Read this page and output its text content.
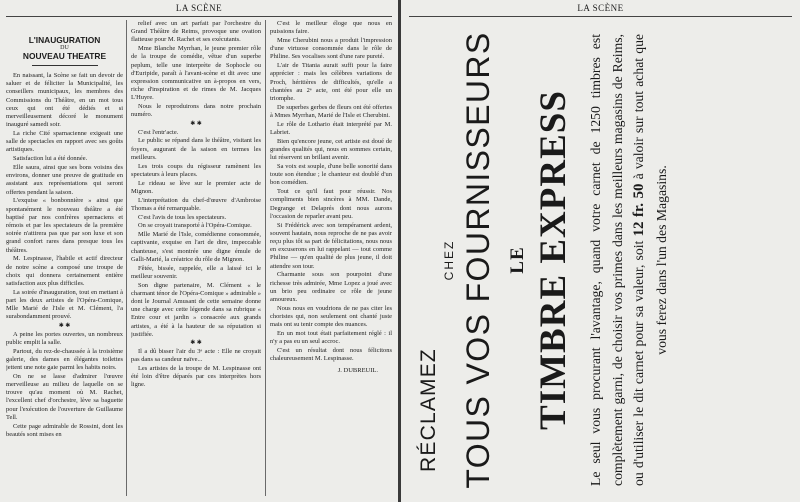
LA SCÈNE
L'INAUGURATION
DU
NOUVEAU THEATRE

En naissant, la Scène se fait un devoir de saluer et de féliciter la Municipalité, les conseillers municipaux, les membres des Commissions du Théâtre, en un mot tous ceux qui ont été dédiés et si merveilleusement décoré le monument inauguré samedi soir.

La riche Cité sparnacienne exigeait une salle de spectacles en rapport avec ses goûts artistiques.

Satisfaction lui a été donnée.

Elle saura, ainsi que ses bons voisins des environs, donner une preuve de gratitude en assistant aux représentations qui seront offertes pendant la saison.

L'exquise « bonbonnière » ainsi que spontanément le nouveau théâtre a été baptisé par nos confrères spernaciens et rémois et par les spectateurs de la première soirée n'attirera pas que par son luxe et son grand confort rares dans presque tous les théâtres.

M. Lespinasse, l'habile et actif directeur de notre scène a composé une troupe de choix qui donnera certainement entière satisfaction aux plus difficiles.

La soirée d'inauguration, tout en mettant à part les deux artistes de l'Opéra-Comique, Mlle Marié de l'Isle et M. Clément, l'a surabondamment prouvé.

✱ ✱

A peine les portes ouvertes, un nombreux public emplit la salle.

Partout, du rez-de-chaussée à la troisième galerie, des dames en élégantes toilettes jettent une note gaie parmi les habits noirs.

On ne se lasse d'admirer l'œuvre merveilleuse au milieu de laquelle on se trouve qu'au moment où M. Rachet, l'excellent chef d'orchestre, lève sa baguette pour l'exécution de l'ouverture de Guillaume Tell.

Cette page admirable de Rossini, dont les beautés sont mises en

relief avec un art parfait par l'orchestre du Grand Théâtre de Reims, provoque une ovation flatteuse pour M. Rachet et ses exécutants.

Mme Blanche Myrrhan, le jeune premier rôle de la troupe de comédie, vêtue d'un superbe peplum, telle une interprète de Sophocle ou d'Euripide, paraît à l'avant-scène et dit avec une expression communicative un à-propos en vers, riche d'inspiration et de rimes de M. Jacques L'Huyre.

Nous le reproduirons dans notre prochain numéro.

✱ ✱

C'est l'entr'acte.

Le public se répand dans le théâtre, visitant les foyers, augurant de la saison en termes les meilleurs.

Les trois coups du régisseur ramènent les spectateurs à leurs places.

Le rideau se lève sur le premier acte de Mignon.

L'interprétation du chef-d'œuvre d'Ambroise Thomas a été remarquable.

C'est l'avis de tous les spectateurs.

On se croyait transporté à l'Opéra-Comique.

Mlle Marié de l'Isle, comédienne consommée, captivante, exquise en l'art de dire, impeccable chanteuse, s'est montrée une digne émule de Galli-Marié, la créatrice du rôle de Mignon.

Fêtée, bissée, rappelée, elle a laissé ici le meilleur souvenir.

Son digne partenaire, M. Clément « le charmant ténor de l'Opéra-Comique » admirable » dont le Journal Amusant de cette semaine donne une charge avec cette légende dans sa rubrique « Entre cour et jardin » consacrée aux grands artistes, a été à la hauteur de sa réputation si justifiée.

✱ ✱

Il a dû bisser l'air du 3ᵉ acte : Elle ne croyait pas dans sa candeur naïve...

Les artistes de la troupe de M. Lespinasse ont été loin d'être déparés par ces interprètes hors ligne.

C'est le meilleur éloge que nous en puissions faire.

Mme Cherubini nous a produit l'impression d'une virtuose consommée dans le rôle de Philine. Ses vocalises sont d'une rare pureté.

L'air de Titania aurait suffi pour la faire apprécier : mais les célèbres variations de Proch, héritières de difficultés, qu'elle a chantées au 2ᵉ acte, ont été pour elle un triomphe.

De superbes gerbes de fleurs ont été offertes à Mmes Myrrhan, Marié de l'Isle et Cherubini.

Le rôle de Lothario était interprété par M. Labriet.

Bien qu'encore jeune, cet artiste est doué de grandes qualités qui, nous en sommes certain, lui réservent un brillant avenir.

Sa voix est souple, d'une belle sonorité dans toute son étendue ; le chanteur est doublé d'un bon comédien.

Tout ce qu'il faut pour réussir. Nos compliments bien sincères à MM. Dande, Degrange et Delaprés dont nous aurons l'occasion de reparler avant peu.

Si Frédérick avec son tempérament ardent, souvent hautain, nous reproche de ne pas avoir reçu plus tôt sa part de félicitations, nous nous en excuserons en lui rappelant — tout comme Philine — qu'en qualité de plus jeune, il doit attendre son tour.

Charmante sous son pourpoint d'une richesse très admirée, Mme Lopez a joué avec un brio peu ordinaire ce rôle de jeune amoureux.

Nous nous en voudrions de ne pas citer les choristes qui, non seulement ont chanté juste mais ont su tenir compte des nuances.

En un mot tout était parfaitement réglé : il n'y a pas eu un seul accroc.

C'est un résultat dont nous félicitons chaleureusement M. Lespinasse.

J. DUBREUIL.
LA SCÈNE
RÉCLAMEZ
CHEZ TOUS VOS FOURNISSEURS LE TIMBRE EXPRESS Le seul vous procurant l'avantage, quand votre carnet de 1250 timbres est complètement garni, de choisir vos primes dans les meilleurs magasins de Reims, ou d'utiliser le dit carnet pour sa valeur, soit 12 fr. 50 à valoir sur tout achat que vous ferez dans l'un des Magasins.
